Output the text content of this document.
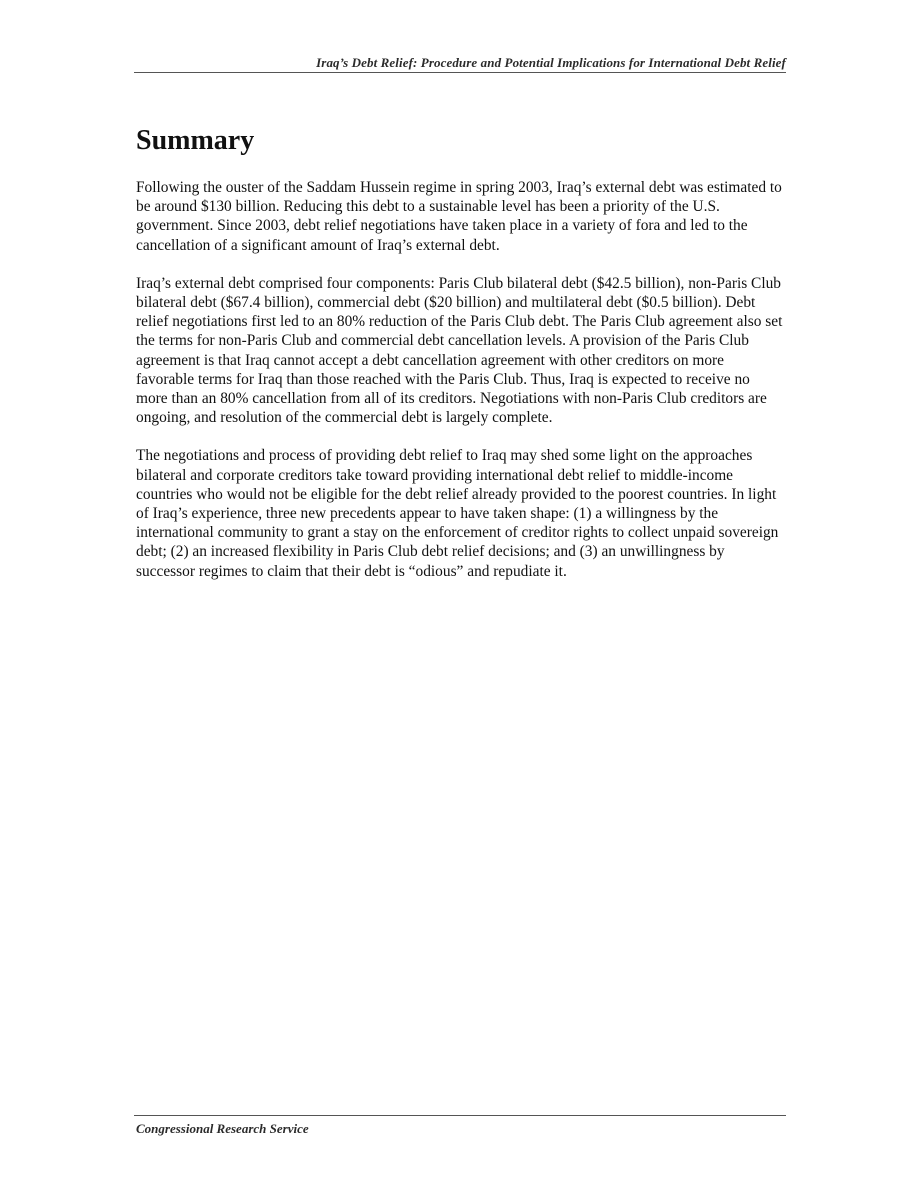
Iraq’s Debt Relief: Procedure and Potential Implications for International Debt Relief
Summary

Following the ouster of the Saddam Hussein regime in spring 2003, Iraq’s external debt was estimated to be around $130 billion. Reducing this debt to a sustainable level has been a priority of the U.S. government. Since 2003, debt relief negotiations have taken place in a variety of fora and led to the cancellation of a significant amount of Iraq’s external debt.

Iraq’s external debt comprised four components: Paris Club bilateral debt ($42.5 billion), non-Paris Club bilateral debt ($67.4 billion), commercial debt ($20 billion) and multilateral debt ($0.5 billion). Debt relief negotiations first led to an 80% reduction of the Paris Club debt. The Paris Club agreement also set the terms for non-Paris Club and commercial debt cancellation levels. A provision of the Paris Club agreement is that Iraq cannot accept a debt cancellation agreement with other creditors on more favorable terms for Iraq than those reached with the Paris Club. Thus, Iraq is expected to receive no more than an 80% cancellation from all of its creditors. Negotiations with non-Paris Club creditors are ongoing, and resolution of the commercial debt is largely complete.

The negotiations and process of providing debt relief to Iraq may shed some light on the approaches bilateral and corporate creditors take toward providing international debt relief to middle-income countries who would not be eligible for the debt relief already provided to the poorest countries. In light of Iraq’s experience, three new precedents appear to have taken shape: (1) a willingness by the international community to grant a stay on the enforcement of creditor rights to collect unpaid sovereign debt; (2) an increased flexibility in Paris Club debt relief decisions; and (3) an unwillingness by successor regimes to claim that their debt is “odious” and repudiate it.

Congressional Research Service
